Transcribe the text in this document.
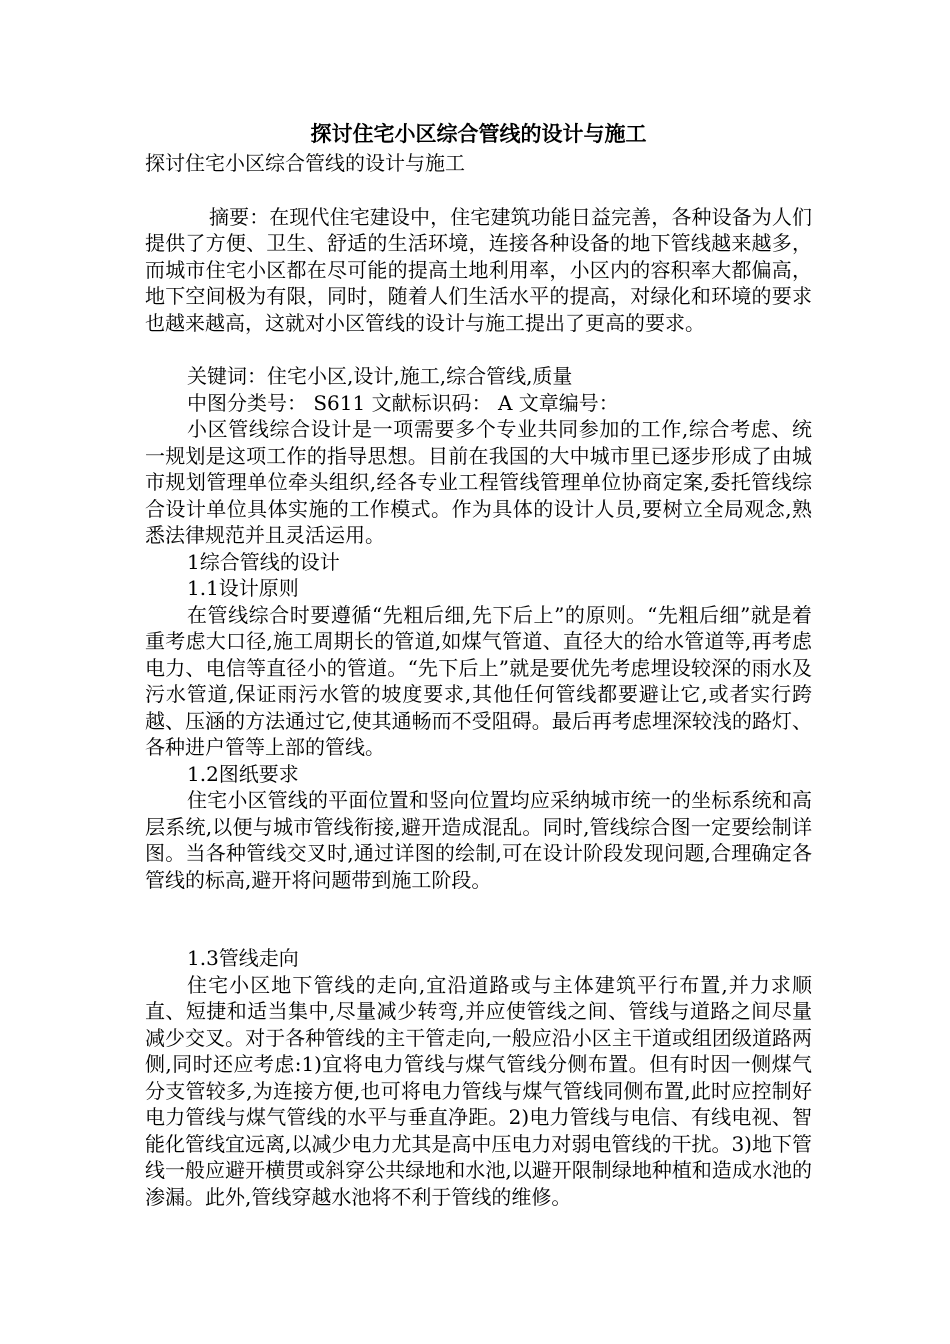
探讨住宅小区综合管线的设计与施工

探讨住宅小区综合管线的设计与施工

摘要：在现代住宅建设中，住宅建筑功能日益完善，各种设备为人们提供了方便、卫生、舒适的生活环境，连接各种设备的地下管线越来越多，而城市住宅小区都在尽可能的提高土地利用率，小区内的容积率大都偏高，地下空间极为有限，同时，随着人们生活水平的提高，对绿化和环境的要求也越来越高，这就对小区管线的设计与施工提出了更高的要求。

关键词：住宅小区,设计,施工,综合管线,质量

中图分类号： S611 文献标识码： A 文章编号：

小区管线综合设计是一项需要多个专业共同参加的工作,综合考虑、统一规划是这项工作的指导思想。目前在我国的大中城市里已逐步形成了由城市规划管理单位牵头组织,经各专业工程管线管理单位协商定案,委托管线综合设计单位具体实施的工作模式。作为具体的设计人员,要树立全局观念,熟悉法律规范并且灵活运用。

1综合管线的设计

1.1设计原则

在管线综合时要遵循“先粗后细,先下后上”的原则。“先粗后细”就是着重考虑大口径,施工周期长的管道,如煤气管道、直径大的给水管道等,再考虑电力、电信等直径小的管道。“先下后上”就是要优先考虑埋设较深的雨水及污水管道,保证雨污水管的坡度要求,其他任何管线都要避让它,或者实行跨越、压涵的方法通过它,使其通畅而不受阻碍。最后再考虑埋深较浅的路灯、各种进户管等上部的管线。

1.2图纸要求

住宅小区管线的平面位置和竖向位置均应采纳城市统一的坐标系统和高层系统,以便与城市管线衔接,避开造成混乱。同时,管线综合图一定要绘制详图。当各种管线交叉时,通过详图的绘制,可在设计阶段发现问题,合理确定各管线的标高,避开将问题带到施工阶段。

1.3管线走向

住宅小区地下管线的走向,宜沿道路或与主体建筑平行布置,并力求顺直、短捷和适当集中,尽量减少转弯,并应使管线之间、管线与道路之间尽量减少交叉。对于各种管线的主干管走向,一般应沿小区主干道或组团级道路两侧,同时还应考虑:1)宜将电力管线与煤气管线分侧布置。但有时因一侧煤气分支管较多,为连接方便,也可将电力管线与煤气管线同侧布置,此时应控制好电力管线与煤气管线的水平与垂直净距。2)电力管线与电信、有线电视、智能化管线宜远离,以减少电力尤其是高中压电力对弱电管线的干扰。3)地下管线一般应避开横贯或斜穿公共绿地和水池,以避开限制绿地种植和造成水池的渗漏。此外,管线穿越水池将不利于管线的维修。
